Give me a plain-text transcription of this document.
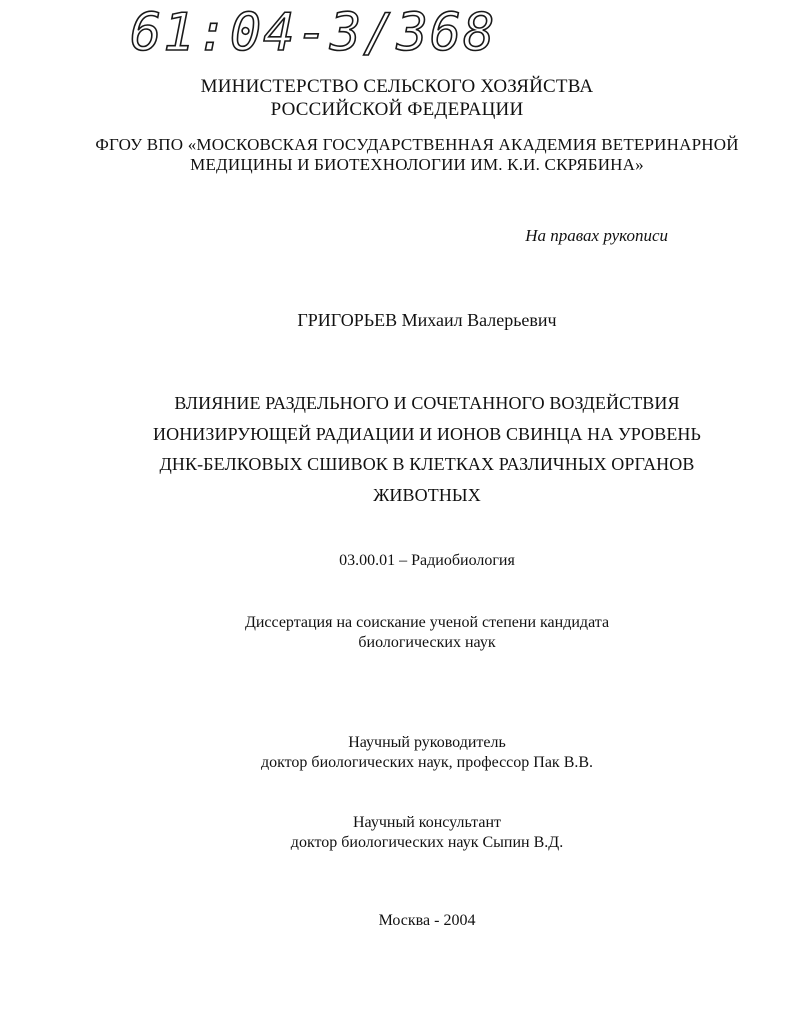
61:04-3/368
МИНИСТЕРСТВО СЕЛЬСКОГО ХОЗЯЙСТВА
РОССИЙСКОЙ ФЕДЕРАЦИИ
ФГОУ ВПО «МОСКОВСКАЯ ГОСУДАРСТВЕННАЯ АКАДЕМИЯ ВЕТЕРИНАРНОЙ
МЕДИЦИНЫ И БИОТЕХНОЛОГИИ ИМ. К.И. СКРЯБИНА»
На правах рукописи
ГРИГОРЬЕВ Михаил Валерьевич
ВЛИЯНИЕ РАЗДЕЛЬНОГО И СОЧЕТАННОГО ВОЗДЕЙСТВИЯ
ИОНИЗИРУЮЩЕЙ РАДИАЦИИ И ИОНОВ СВИНЦА НА УРОВЕНЬ
ДНК-БЕЛКОВЫХ СШИВОК В КЛЕТКАХ РАЗЛИЧНЫХ ОРГАНОВ
ЖИВОТНЫХ
03.00.01 – Радиобиология
Диссертация на соискание ученой степени кандидата
биологических наук
Научный руководитель
доктор биологических наук, профессор Пак В.В.
Научный консультант
доктор биологических наук Сыпин В.Д.
Москва - 2004
